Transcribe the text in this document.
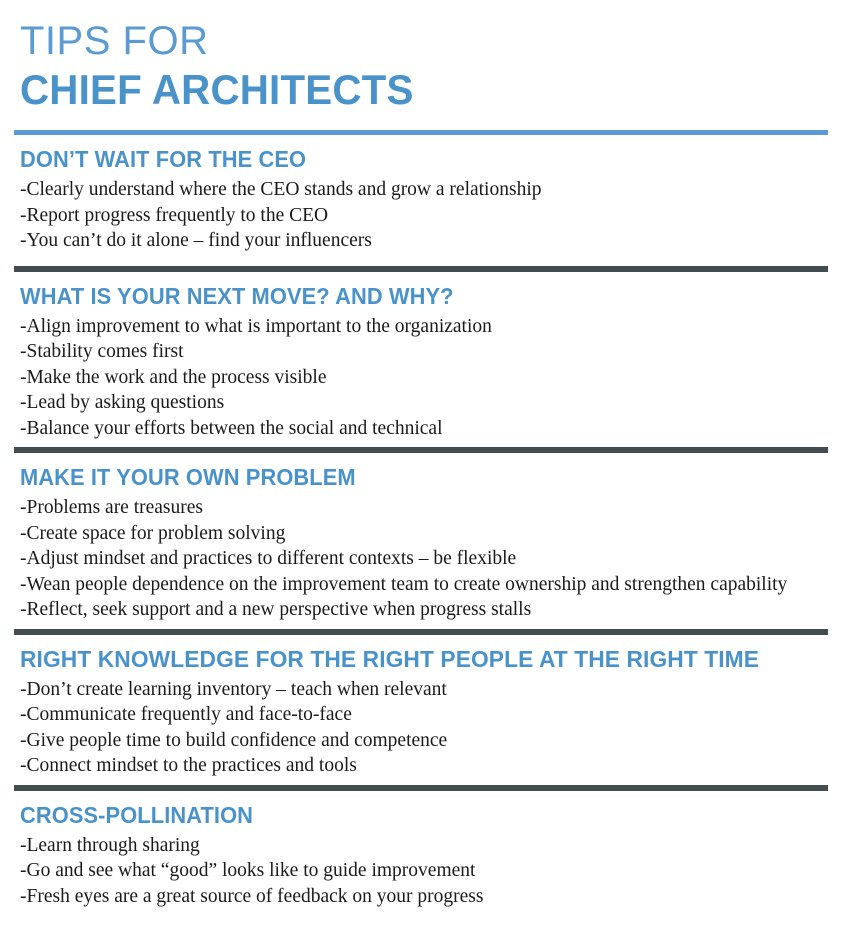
TIPS FOR
CHIEF ARCHITECTS
DON’T WAIT FOR THE CEO
-Clearly understand where the CEO stands and grow a relationship
-Report progress frequently to the CEO
-You can’t do it alone – find your influencers
WHAT IS YOUR NEXT MOVE? AND WHY?
-Align improvement to what is important to the organization
-Stability comes first
-Make the work and the process visible
-Lead by asking questions
-Balance your efforts between the social and technical
MAKE IT YOUR OWN PROBLEM
-Problems are treasures
-Create space for problem solving
-Adjust mindset and practices to different contexts – be flexible
-Wean people dependence on the improvement team to create ownership and strengthen capability
-Reflect, seek support and a new perspective when progress stalls
RIGHT KNOWLEDGE FOR THE RIGHT PEOPLE AT THE RIGHT TIME
-Don’t create learning inventory – teach when relevant
-Communicate frequently and face-to-face
-Give people time to build confidence and competence
-Connect mindset to the practices and tools
CROSS-POLLINATION
-Learn through sharing
-Go and see what “good” looks like to guide improvement
-Fresh eyes are a great source of feedback on your progress
